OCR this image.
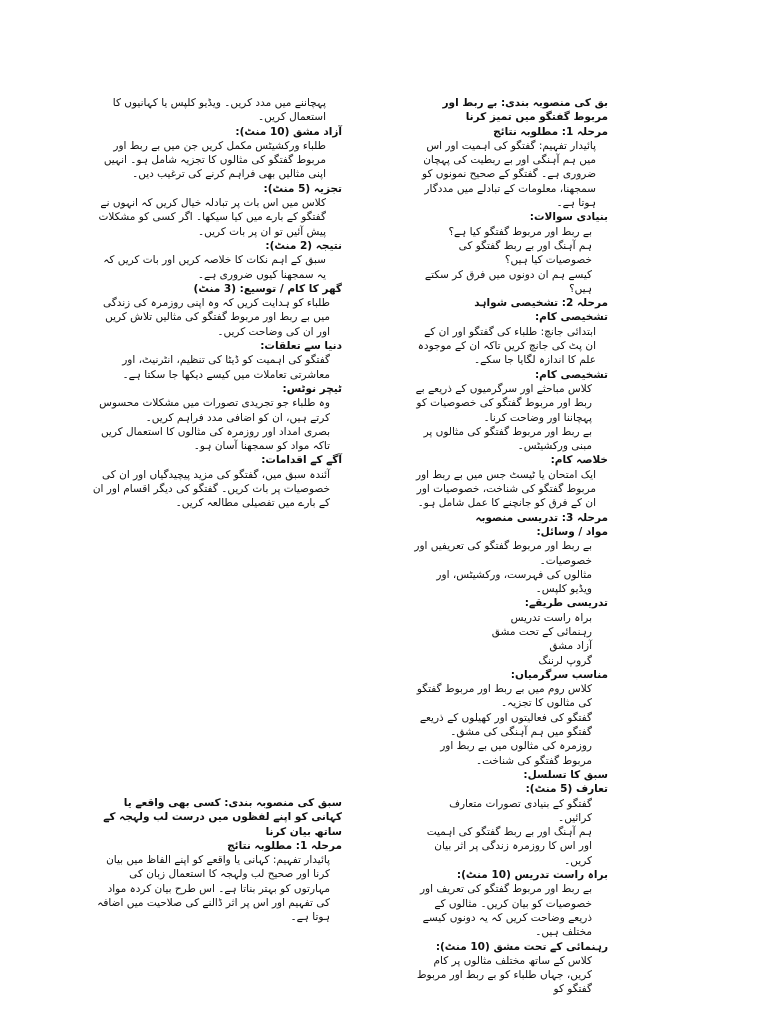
بق کی منصوبہ بندی: بے ربط اور مربوط گفتگو میں تمیز کرنا
مرحلہ 1: مطلوبہ نتائج
پائیدار تفہیم: گفتگو کی اہمیت اور اس میں ہم آہنگی اور بے ربطیت کی پہچان ضروری ہے۔ گفتگو کے صحیح نمونوں کو سمجھنا، معلومات کے تبادلے میں مددگار ہوتا ہے۔
بنیادی سوالات:
بے ربط اور مربوط گفتگو کیا ہے؟
ہم آہنگ اور بے ربط گفتگو کی خصوصیات کیا ہیں؟
کیسے ہم ان دونوں میں فرق کر سکتے ہیں؟
مرحلہ 2: تشخیصی شواہد
تشخیصی کام:
ابتدائی جانچ: طلباء کی گفتگو اور ان کے ان پٹ کی جانچ کریں تاکہ ان کے موجودہ علم کا اندازہ لگایا جا سکے۔
تشخیصی کام:
کلاس مباحثے اور سرگرمیوں کے ذریعے بے ربط اور مربوط گفتگو کی خصوصیات کو پہچاننا اور وضاحت کرنا۔
بے ربط اور مربوط گفتگو کی مثالوں پر مبنی ورکشیٹس۔
خلاصہ کام:
ایک امتحان یا ٹیسٹ جس میں بے ربط اور مربوط گفتگو کی شناخت، خصوصیات اور ان کے فرق کو جانچنے کا عمل شامل ہو۔
مرحلہ 3: تدریسی منصوبہ
مواد / وسائل:
بے ربط اور مربوط گفتگو کی تعریفیں اور خصوصیات۔
مثالوں کی فہرست، ورکشیٹس، اور ویڈیو کلپس۔
تدریسی طریقے:
براہ راست تدریس
رہنمائی کے تحت مشق
آزاد مشق
گروپ لرننگ
مناسب سرگرمیاں:
کلاس روم میں بے ربط اور مربوط گفتگو کی مثالوں کا تجزیہ۔
گفتگو کی فعالیتوں اور کھیلوں کے ذریعے گفتگو میں ہم آہنگی کی مشق۔
روزمرہ کی مثالوں میں بے ربط اور مربوط گفتگو کی شناخت۔
سبق کا تسلسل:
تعارف (5 منٹ):
گفتگو کے بنیادی تصورات متعارف کرائیں۔
ہم آہنگ اور بے ربط گفتگو کی اہمیت اور اس کا روزمرہ زندگی پر اثر بیان کریں۔
براہ راست تدریس (10 منٹ):
بے ربط اور مربوط گفتگو کی تعریف اور خصوصیات کو بیان کریں۔ مثالوں کے ذریعے وضاحت کریں کہ یہ دونوں کیسے مختلف ہیں۔
رہنمائی کے تحت مشق (10 منٹ):
کلاس کے ساتھ مختلف مثالوں پر کام کریں، جہاں طلباء کو بے ربط اور مربوط گفتگو کو
پہچاننے میں مدد کریں۔ ویڈیو کلپس یا کہانیوں کا استعمال کریں۔
آزاد مشق (10 منٹ):
طلباء ورکشیٹس مکمل کریں جن میں بے ربط اور مربوط گفتگو کی مثالوں کا تجزیہ شامل ہو۔ انہیں اپنی مثالیں بھی فراہم کرنے کی ترغیب دیں۔
تجزیہ (5 منٹ):
کلاس میں اس بات پر تبادلہ خیال کریں کہ انہوں نے گفتگو کے بارے میں کیا سیکھا۔ اگر کسی کو مشکلات پیش آئیں تو ان پر بات کریں۔
نتیجہ (2 منٹ):
سبق کے اہم نکات کا خلاصہ کریں اور بات کریں کہ یہ سمجھنا کیوں ضروری ہے۔
گھر کا کام / توسیع: (3 منٹ)
طلباء کو ہدایت کریں کہ وہ اپنی روزمرہ کی زندگی میں بے ربط اور مربوط گفتگو کی مثالیں تلاش کریں اور ان کی وضاحت کریں۔
دنیا سے تعلقات:
گفتگو کی اہمیت کو ڈیٹا کی تنظیم، انٹرنیٹ، اور معاشرتی تعاملات میں کیسے دیکھا جا سکتا ہے۔
ٹیچر نوٹس:
وہ طلباء جو تجریدی تصورات میں مشکلات محسوس کرتے ہیں، ان کو اضافی مدد فراہم کریں۔
بصری امداد اور روزمرہ کی مثالوں کا استعمال کریں تاکہ مواد کو سمجھنا آسان ہو۔
آگے کے اقدامات:
آئندہ سبق میں، گفتگو کی مزید پیچیدگیاں اور ان کی خصوصیات پر بات کریں۔ گفتگو کی دیگر اقسام اور ان کے بارے میں تفصیلی مطالعہ کریں۔
سبق کی منصوبہ بندی: کسی بھی واقعے یا کہانی کو اپنے لفظوں میں درست لب ولہجہ کے ساتھ بیان کرنا
مرحلہ 1: مطلوبہ نتائج
پائیدار تفہیم: کہانی یا واقعے کو اپنے الفاظ میں بیان کرنا اور صحیح لب ولہجہ کا استعمال زبان کی مہارتوں کو بہتر بناتا ہے۔ اس طرح بیان کردہ مواد کی تفہیم اور اس پر اثر ڈالنے کی صلاحیت میں اضافہ ہوتا ہے۔
